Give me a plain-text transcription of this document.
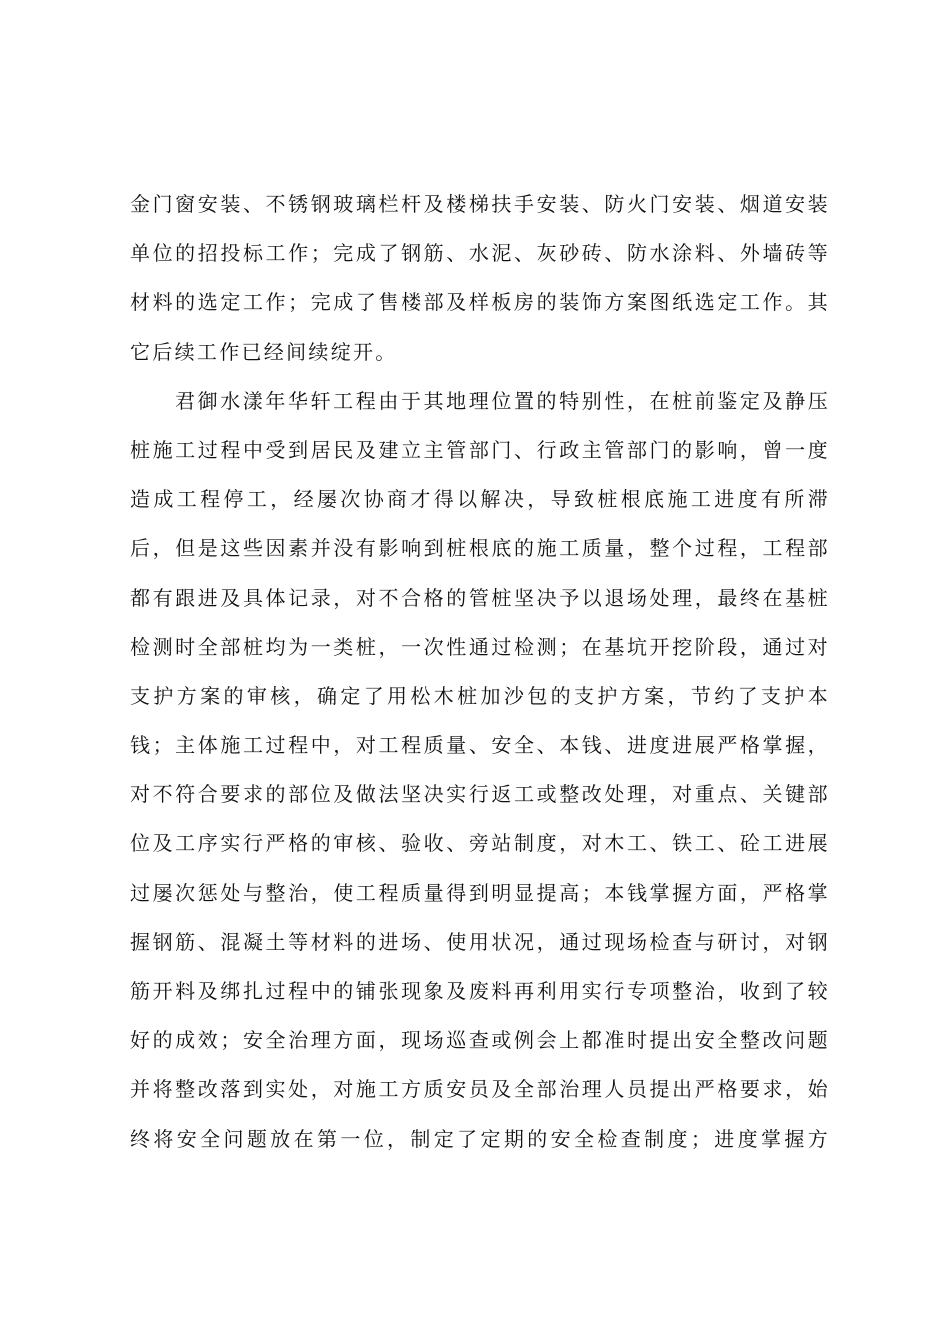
金门窗安装、不锈钢玻璃栏杆及楼梯扶手安装、防火门安装、烟道安装
单位的招投标工作；完成了钢筋、水泥、灰砂砖、防水涂料、外墙砖等
材料的选定工作；完成了售楼部及样板房的装饰方案图纸选定工作。其
它后续工作已经间续绽开。
君御水漾年华轩工程由于其地理位置的特别性，在桩前鉴定及静压
桩施工过程中受到居民及建立主管部门、行政主管部门的影响，曾一度
造成工程停工，经屡次协商才得以解决，导致桩根底施工进度有所滞
后，但是这些因素并没有影响到桩根底的施工质量，整个过程，工程部
都有跟进及具体记录，对不合格的管桩坚决予以退场处理，最终在基桩
检测时全部桩均为一类桩，一次性通过检测；在基坑开挖阶段，通过对
支护方案的审核，确定了用松木桩加沙包的支护方案，节约了支护本
钱；主体施工过程中，对工程质量、安全、本钱、进度进展严格掌握，
对不符合要求的部位及做法坚决实行返工或整改处理，对重点、关键部
位及工序实行严格的审核、验收、旁站制度，对木工、铁工、砼工进展
过屡次惩处与整治，使工程质量得到明显提高；本钱掌握方面，严格掌
握钢筋、混凝土等材料的进场、使用状况，通过现场检查与研讨，对钢
筋开料及绑扎过程中的铺张现象及废料再利用实行专项整治，收到了较
好的成效；安全治理方面，现场巡查或例会上都准时提出安全整改问题
并将整改落到实处，对施工方质安员及全部治理人员提出严格要求，始
终将安全问题放在第一位，制定了定期的安全检查制度；进度掌握方
